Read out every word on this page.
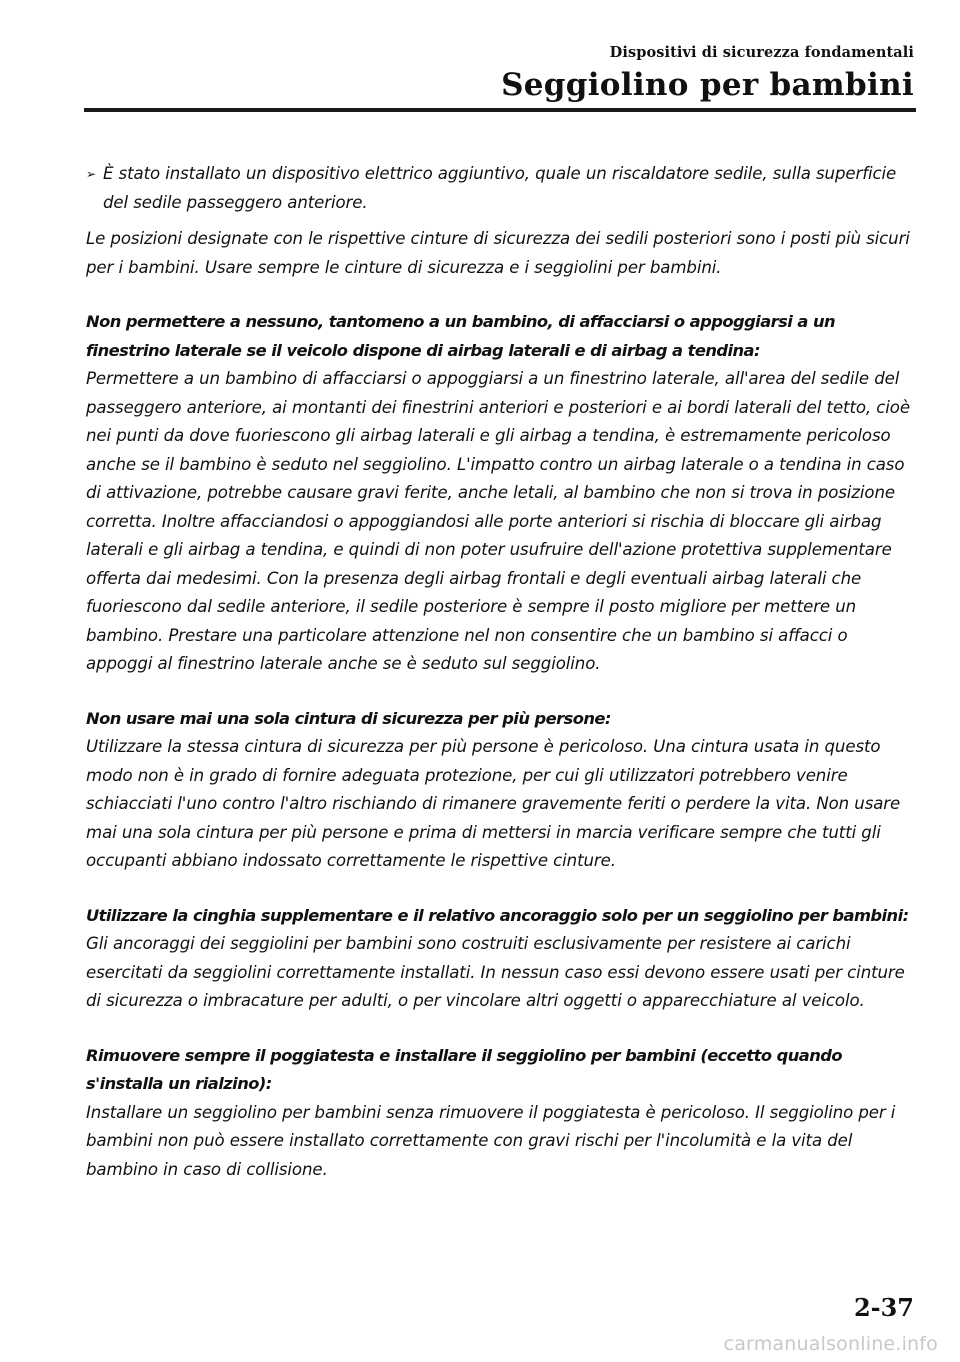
Dispositivi di sicurezza fondamentali
Seggiolino per bambini
➢ È stato installato un dispositivo elettrico aggiuntivo, quale un riscaldatore sedile, sulla superficie del sedile passeggero anteriore.

Le posizioni designate con le rispettive cinture di sicurezza dei sedili posteriori sono i posti più sicuri per i bambini. Usare sempre le cinture di sicurezza e i seggiolini per bambini.

Non permettere a nessuno, tantomeno a un bambino, di affacciarsi o appoggiarsi a un finestrino laterale se il veicolo dispone di airbag laterali e di airbag a tendina:

Permettere a un bambino di affacciarsi o appoggiarsi a un finestrino laterale, all'area del sedile del passeggero anteriore, ai montanti dei finestrini anteriori e posteriori e ai bordi laterali del tetto, cioè nei punti da dove fuoriescono gli airbag laterali e gli airbag a tendina, è estremamente pericoloso anche se il bambino è seduto nel seggiolino. L'impatto contro un airbag laterale o a tendina in caso di attivazione, potrebbe causare gravi ferite, anche letali, al bambino che non si trova in posizione corretta. Inoltre affacciandosi o appoggiandosi alle porte anteriori si rischia di bloccare gli airbag laterali e gli airbag a tendina, e quindi di non poter usufruire dell'azione protettiva supplementare offerta dai medesimi. Con la presenza degli airbag frontali e degli eventuali airbag laterali che fuoriescono dal sedile anteriore, il sedile posteriore è sempre il posto migliore per mettere un bambino. Prestare una particolare attenzione nel non consentire che un bambino si affacci o appoggi al finestrino laterale anche se è seduto sul seggiolino.

Non usare mai una sola cintura di sicurezza per più persone:

Utilizzare la stessa cintura di sicurezza per più persone è pericoloso. Una cintura usata in questo modo non è in grado di fornire adeguata protezione, per cui gli utilizzatori potrebbero venire schiacciati l'uno contro l'altro rischiando di rimanere gravemente feriti o perdere la vita. Non usare mai una sola cintura per più persone e prima di mettersi in marcia verificare sempre che tutti gli occupanti abbiano indossato correttamente le rispettive cinture.

Utilizzare la cinghia supplementare e il relativo ancoraggio solo per un seggiolino per bambini:

Gli ancoraggi dei seggiolini per bambini sono costruiti esclusivamente per resistere ai carichi esercitati da seggiolini correttamente installati. In nessun caso essi devono essere usati per cinture di sicurezza o imbracature per adulti, o per vincolare altri oggetti o apparecchiature al veicolo.

Rimuovere sempre il poggiatesta e installare il seggiolino per bambini (eccetto quando s'installa un rialzino):

Installare un seggiolino per bambini senza rimuovere il poggiatesta è pericoloso. Il seggiolino per i bambini non può essere installato correttamente con gravi rischi per l'incolumità e la vita del bambino in caso di collisione.

2-37
carmanualsonline.info
